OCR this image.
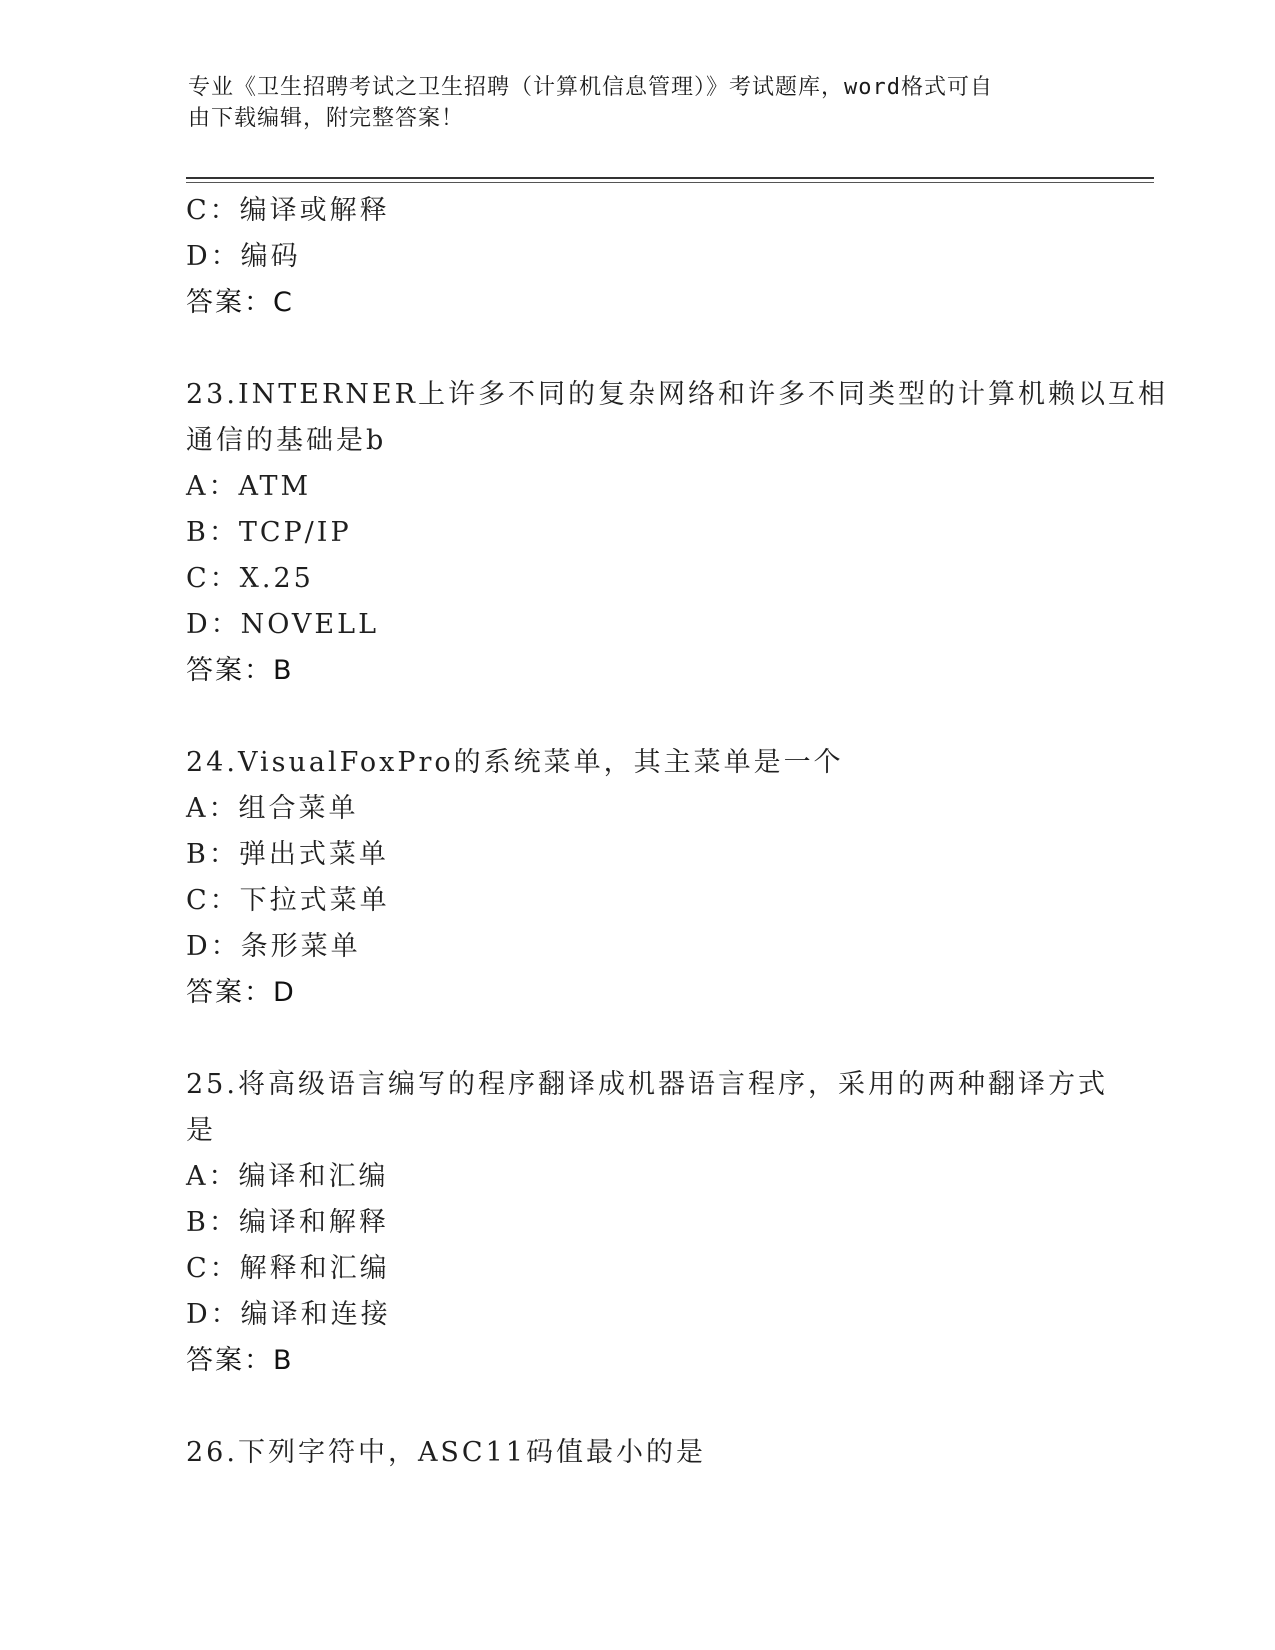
专业《卫生招聘考试之卫生招聘（计算机信息管理）》考试题库，word格式可自
由下载编辑，附完整答案！
C：编译或解释
D：编码
答案：C
23.INTERNER上许多不同的复杂网络和许多不同类型的计算机赖以互相
通信的基础是b
A：ATM
B：TCP/IP
C：X.25
D：NOVELL
答案：B
24.VisualFoxPro的系统菜单，其主菜单是一个
A：组合菜单
B：弹出式菜单
C：下拉式菜单
D：条形菜单
答案：D
25.将高级语言编写的程序翻译成机器语言程序，采用的两种翻译方式
是
A：编译和汇编
B：编译和解释
C：解释和汇编
D：编译和连接
答案：B
26.下列字符中，ASC11码值最小的是
